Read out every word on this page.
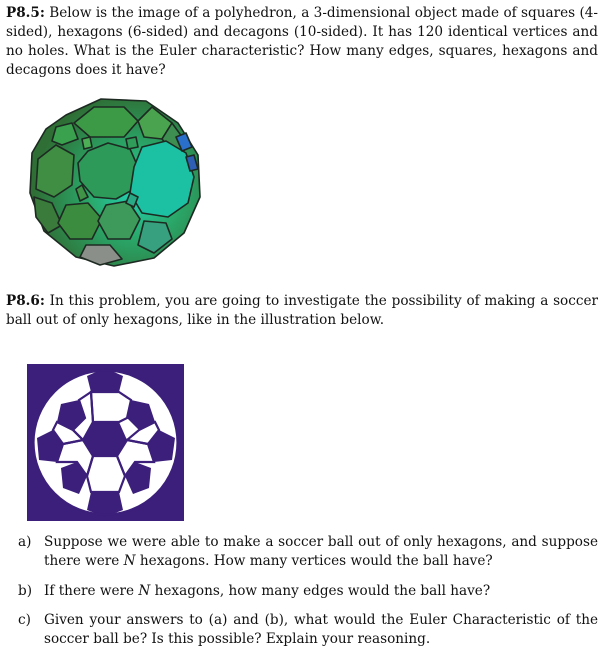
P8.5: Below is the image of a polyhedron, a 3-dimensional object made of squares (4-sided), hexagons (6-sided) and decagons (10-sided). It has 120 identical vertices and no holes. What is the Euler characteristic? How many edges, squares, hexagons and decagons does it have?
P8.6: In this problem, you are going to investigate the possibility of making a soccer ball out of only hexagons, like in the illustration below.
a) Suppose we were able to make a soccer ball out of only hexagons, and suppose there were N hexagons. How many vertices would the ball have?
b) If there were N hexagons, how many edges would the ball have?
c) Given your answers to (a) and (b), what would the Euler Characteristic of the soccer ball be? Is this possible? Explain your reasoning.
